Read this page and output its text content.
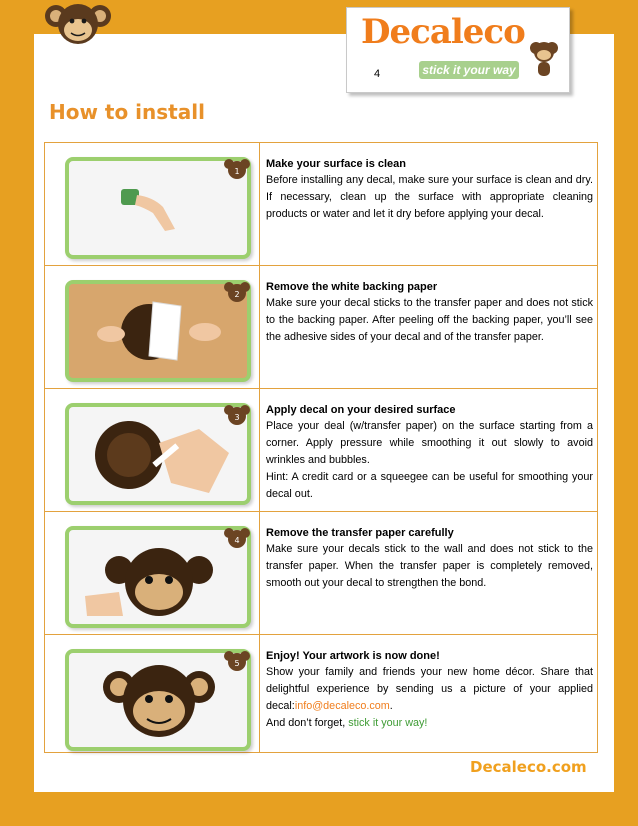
Decaleco
stick it your way
4
How to install
1	Make your surface is clean

Before installing any decal, make sure your surface is clean and dry. If necessary, clean up the surface with appropriate cleaning products or water and let it dry before applying your decal.

2	Remove the white backing paper

Make sure your decal sticks to the transfer paper and does not stick to the backing paper. After peeling off the backing paper, you’ll see the adhesive sides of your decal and of the transfer paper.

3	Apply decal on your desired surface

Place your deal (w/transfer paper) on the surface starting from a corner. Apply pressure while smoothing it out slowly to avoid wrinkles and bubbles.
Hint: A credit card or a squeegee can be useful for smoothing your decal out.

4	Remove the transfer paper carefully

Make sure your decals stick to the wall and does not stick to the transfer paper. When the transfer paper is completely removed, smooth out your decal to strengthen the bond.

5	Enjoy! Your artwork is now done!

Show your family and friends your new home décor. Share that delightful experience by sending us a picture of your applied decal:info@decaleco.com.
And don’t forget, stick it your way!

Decaleco.com
